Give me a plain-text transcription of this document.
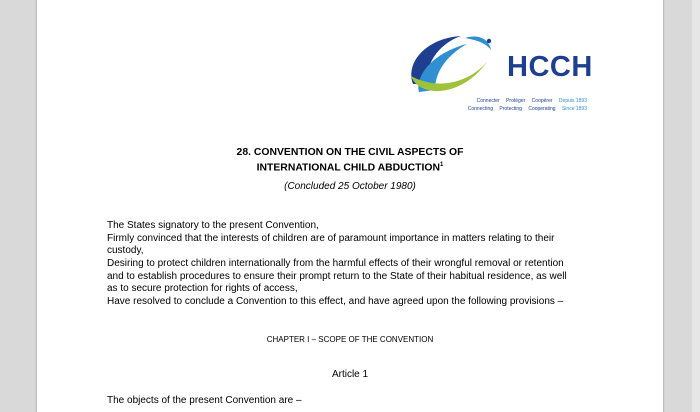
HCCH
Connecter Protéger Coopérer Depuis 1893
Connecting Protecting Cooperating Since 1893
28. CONVENTION ON THE CIVIL ASPECTS OF
INTERNATIONAL CHILD ABDUCTION$^1$
(Concluded 25 October 1980)
The States signatory to the present Convention,
Firmly convinced that the interests of children are of paramount importance in matters relating to their
custody,
Desiring to protect children internationally from the harmful effects of their wrongful removal or retention
and to establish procedures to ensure their prompt return to the State of their habitual residence, as well
as to secure protection for rights of access,
Have resolved to conclude a Convention to this effect, and have agreed upon the following provisions –
CHAPTER I – SCOPE OF THE CONVENTION
Article 1
The objects of the present Convention are –
